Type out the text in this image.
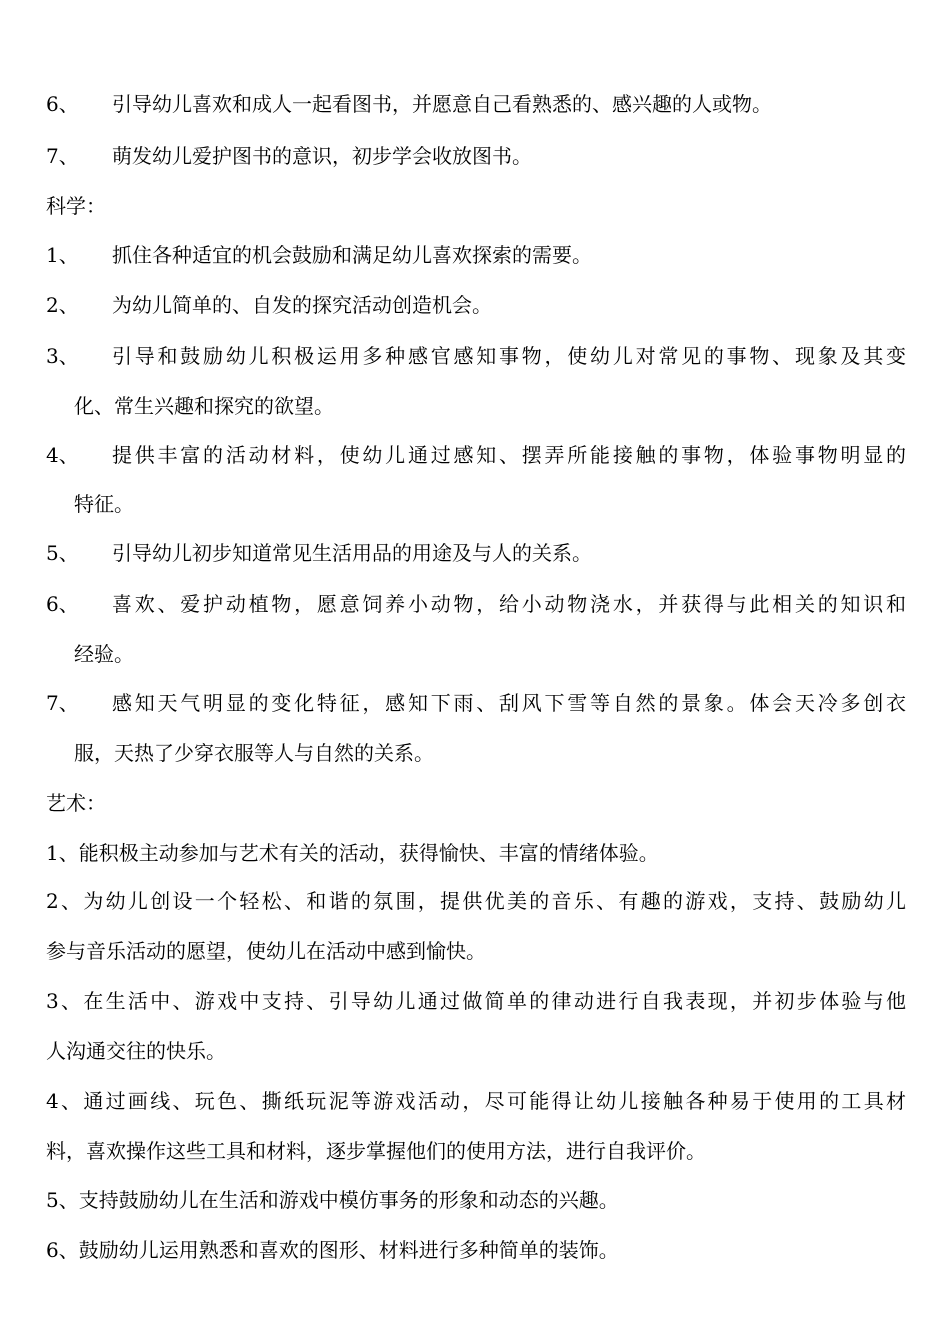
6、 引导幼儿喜欢和成人一起看图书，并愿意自己看熟悉的、感兴趣的人或物。
7、 萌发幼儿爱护图书的意识，初步学会收放图书。
科学：
1、 抓住各种适宜的机会鼓励和满足幼儿喜欢探索的需要。
2、 为幼儿简单的、自发的探究活动创造机会。
3、 引导和鼓励幼儿积极运用多种感官感知事物，使幼儿对常见的事物、现象及其变
化、常生兴趣和探究的欲望。
4、 提供丰富的活动材料，使幼儿通过感知、摆弄所能接触的事物，体验事物明显的
特征。
5、 引导幼儿初步知道常见生活用品的用途及与人的关系。
6、 喜欢、爱护动植物，愿意饲养小动物，给小动物浇水，并获得与此相关的知识和
经验。
7、 感知天气明显的变化特征，感知下雨、刮风下雪等自然的景象。体会天冷多创衣
服，天热了少穿衣服等人与自然的关系。
艺术：
1、能积极主动参加与艺术有关的活动，获得愉快、丰富的情绪体验。
2、为幼儿创设一个轻松、和谐的氛围，提供优美的音乐、有趣的游戏，支持、鼓励幼儿
参与音乐活动的愿望，使幼儿在活动中感到愉快。
3、在生活中、游戏中支持、引导幼儿通过做简单的律动进行自我表现，并初步体验与他
人沟通交往的快乐。
4、通过画线、玩色、撕纸玩泥等游戏活动，尽可能得让幼儿接触各种易于使用的工具材
料，喜欢操作这些工具和材料，逐步掌握他们的使用方法，进行自我评价。
5、支持鼓励幼儿在生活和游戏中模仿事务的形象和动态的兴趣。
6、鼓励幼儿运用熟悉和喜欢的图形、材料进行多种简单的装饰。
